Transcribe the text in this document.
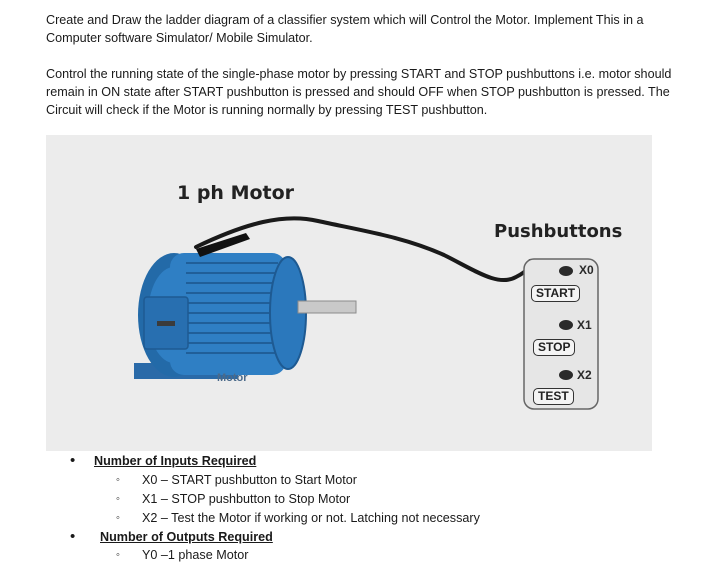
Create and Draw the ladder diagram of a classifier system which will Control the Motor. Implement This in a Computer software Simulator/ Mobile Simulator.

Control the running state of the single-phase motor by pressing START and STOP pushbuttons i.e. motor should remain in ON state after START pushbutton is pressed and should OFF when STOP pushbutton is pressed. The Circuit will check if the Motor is running normally by pressing TEST pushbutton.

1 ph Motor
Pushbuttons
Motor
X0
START
X1
STOP
X2
TEST
• Number of Inputs Required
◦ X0 – START pushbutton to Start Motor
◦ X1 – STOP pushbutton to Stop Motor
◦ X2 – Test the Motor if working or not. Latching not necessary
• Number of Outputs Required
◦ Y0 –1 phase Motor
